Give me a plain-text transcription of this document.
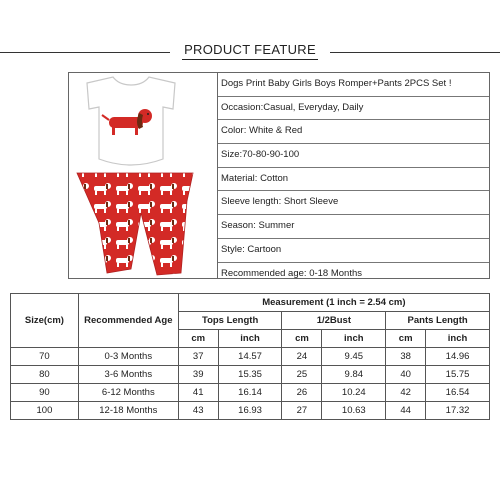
PRODUCT FEATURE
Dogs Print Baby Girls Boys Romper+Pants 2PCS Set !
Occasion:Casual, Everyday, Daily
Color: White & Red
Size:70-80-90-100
Material: Cotton
Sleeve length: Short Sleeve
Season: Summer
Style: Cartoon
Recommended age: 0-18 Months
Size(cm)	Recommended Age	Measurement (1 inch = 2.54 cm)					
		Tops Length		1/2Bust		Pants Length	
		cm	inch	cm	inch	cm	inch
70	0-3 Months	37	14.57	24	9.45	38	14.96
80	3-6 Months	39	15.35	25	9.84	40	15.75
90	6-12 Months	41	16.14	26	10.24	42	16.54
100	12-18 Months	43	16.93	27	10.63	44	17.32
